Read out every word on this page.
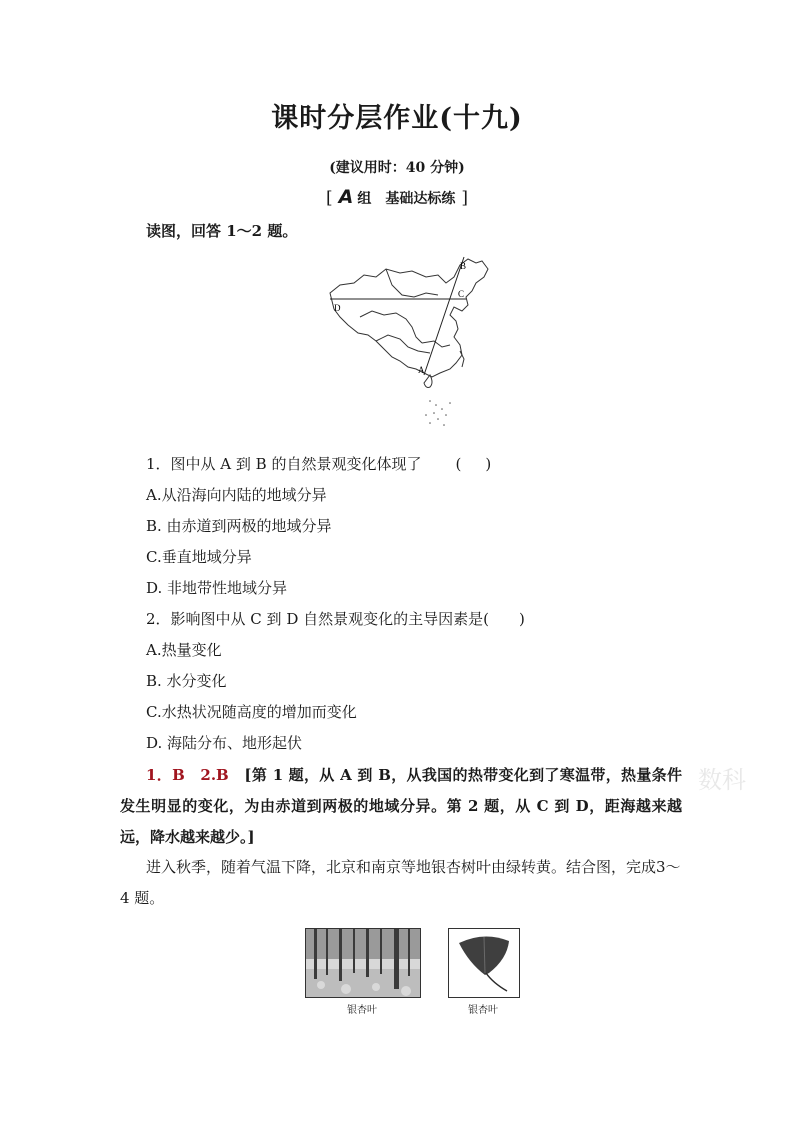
课时分层作业(十九)
(建议用时：40 分钟)
[ A 组　基础达标练 ]
读图，回答 1～2 题。
D
C
B
A
1．图中从 A 到 B 的自然景观变化体现了 ( )
A.从沿海向内陆的地域分异
B. 由赤道到两极的地域分异
C.垂直地域分异
D. 非地带性地域分异
2．影响图中从 C 到 D 自然景观变化的主导因素是(　　)
A.热量变化
B. 水分变化
C.水热状况随高度的增加而变化
D. 海陆分布、地形起伏
1．B　2.B　 [第 1 题，从 A 到 B，从我国的热带变化到了寒温带，热量条件发生明显的变化，为由赤道到两极的地域分异。第 2 题，从 C 到 D，距海越来越远，降水越来越少。]
进入秋季，随着气温下降，北京和南京等地银杏树叶由绿转黄。结合图，完成3～4 题。
银杏叶	银杏叶
数科
